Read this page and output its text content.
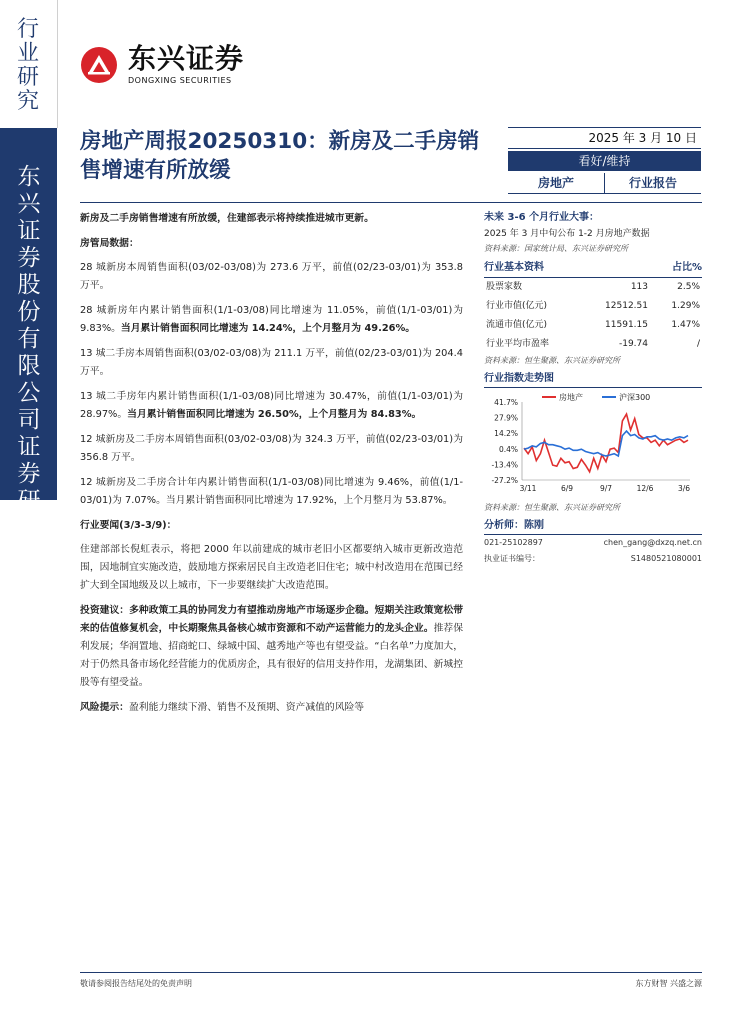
行业研究
东兴证券股份有限公司证券研究报告
东兴证券
DONGXING SECURITIES
房地产周报20250310：新房及二手房销售增速有所放缓
2025 年 3 月 10 日
看好/维持
房地产	行业报告

新房及二手房销售增速有所放缓，住建部表示将持续推进城市更新。

房管局数据：

28 城新房本周销售面积(03/02-03/08)为 273.6 万平，前值(02/23-03/01)为 353.8 万平。

28 城新房年内累计销售面积(1/1-03/08)同比增速为 11.05%，前值(1/1-03/01)为 9.83%。当月累计销售面积同比增速为 14.24%，上个月整月为 49.26%。

13 城二手房本周销售面积(03/02-03/08)为 211.1 万平，前值(02/23-03/01)为 204.4 万平。

13 城二手房年内累计销售面积(1/1-03/08)同比增速为 30.47%，前值(1/1-03/01)为 28.97%。当月累计销售面积同比增速为 26.50%，上个月整月为 84.83%。

12 城新房及二手房本周销售面积(03/02-03/08)为 324.3 万平，前值(02/23-03/01)为 356.8 万平。

12 城新房及二手房合计年内累计销售面积(1/1-03/08)同比增速为 9.46%，前值(1/1-03/01)为 7.07%。当月累计销售面积同比增速为 17.92%，上个月整月为 53.87%。

行业要闻(3/3-3/9)：

住建部部长倪虹表示，将把 2000 年以前建成的城市老旧小区都要纳入城市更新改造范围，因地制宜实施改造，鼓励地方探索居民自主改造老旧住宅；城中村改造用在范围已经扩大到全国地级及以上城市，下一步要继续扩大改造范围。

投资建议：多种政策工具的协同发力有望推动房地产市场逐步企稳。短期关注政策宽松带来的估值修复机会，中长期聚焦具备核心城市资源和不动产运营能力的龙头企业。推荐保利发展；华润置地、招商蛇口、绿城中国、越秀地产等也有望受益。“白名单”力度加大，对于仍然具备市场化经营能力的优质房企，具有很好的信用支持作用，龙湖集团、新城控股等有望受益。

风险提示：盈利能力继续下滑、销售不及预期、资产减值的风险等

未来 3-6 个月行业大事：
2025 年 3 月中旬公布 1-2 月房地产数据
资料来源：国家统计局、东兴证券研究所
行业基本资料	占比%
股票家数	113	2.5%
行业市值(亿元)	12512.51	1.29%
流通市值(亿元)	11591.15	1.47%
行业平均市盈率	-19.74	/
资料来源：恒生聚源、东兴证券研究所
行业指数走势图
41.7%
27.9%
14.2%
0.4%
-13.4%
-27.2%
3/11	6/9	9/7	12/6	3/6
房地产	沪深300
资料来源：恒生聚源、东兴证券研究所
分析师：陈刚
021-25102897	chen_gang@dxzq.net.cn
执业证书编号：	S1480521080001
敬请参阅报告结尾处的免责声明	东方财智 兴盛之源
